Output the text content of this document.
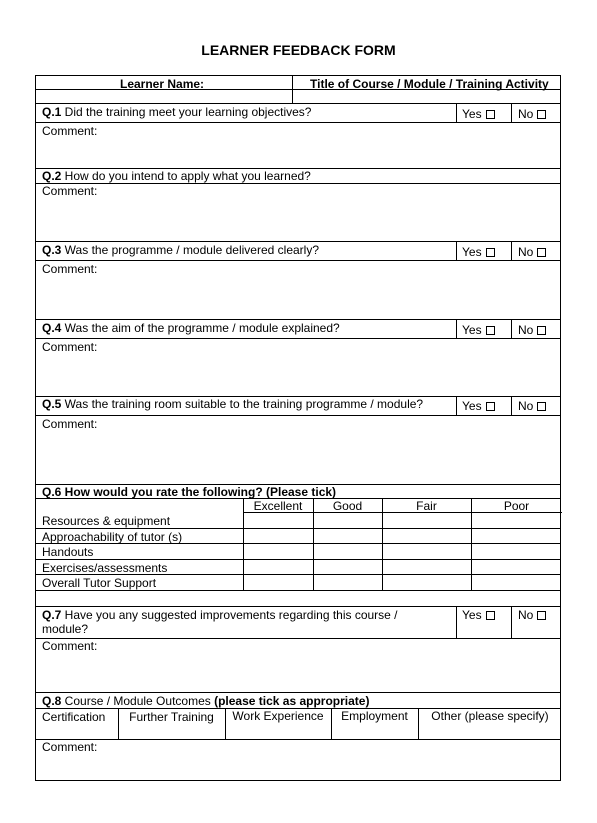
LEARNER FEEDBACK FORM
Learner Name:	Title of Course / Module / Training Activity
Q.1 Did the training meet your learning objectives?	Yes	No
Comment:
Q.2 How do you intend to apply what you learned?
Comment:
Q.3 Was the programme / module delivered clearly?	Yes	No
Comment:
Q.4 Was the aim of the programme / module explained?	Yes	No
Comment:
Q.5 Was the training room suitable to the training programme / module?	Yes	No
Comment:
Q.6 How would you rate the following? (Please tick)
Excellent	Good	Fair	Poor
Resources & equipment
Approachability of tutor (s)
Handouts
Exercises/assessments
Overall Tutor Support
Q.7 Have you any suggested improvements regarding this course /
module?
Yes	No
Comment:
Q.8 Course / Module Outcomes (please tick as appropriate)
Certification	Further Training	Work Experience	Employment	Other (please specify)
Comment:
